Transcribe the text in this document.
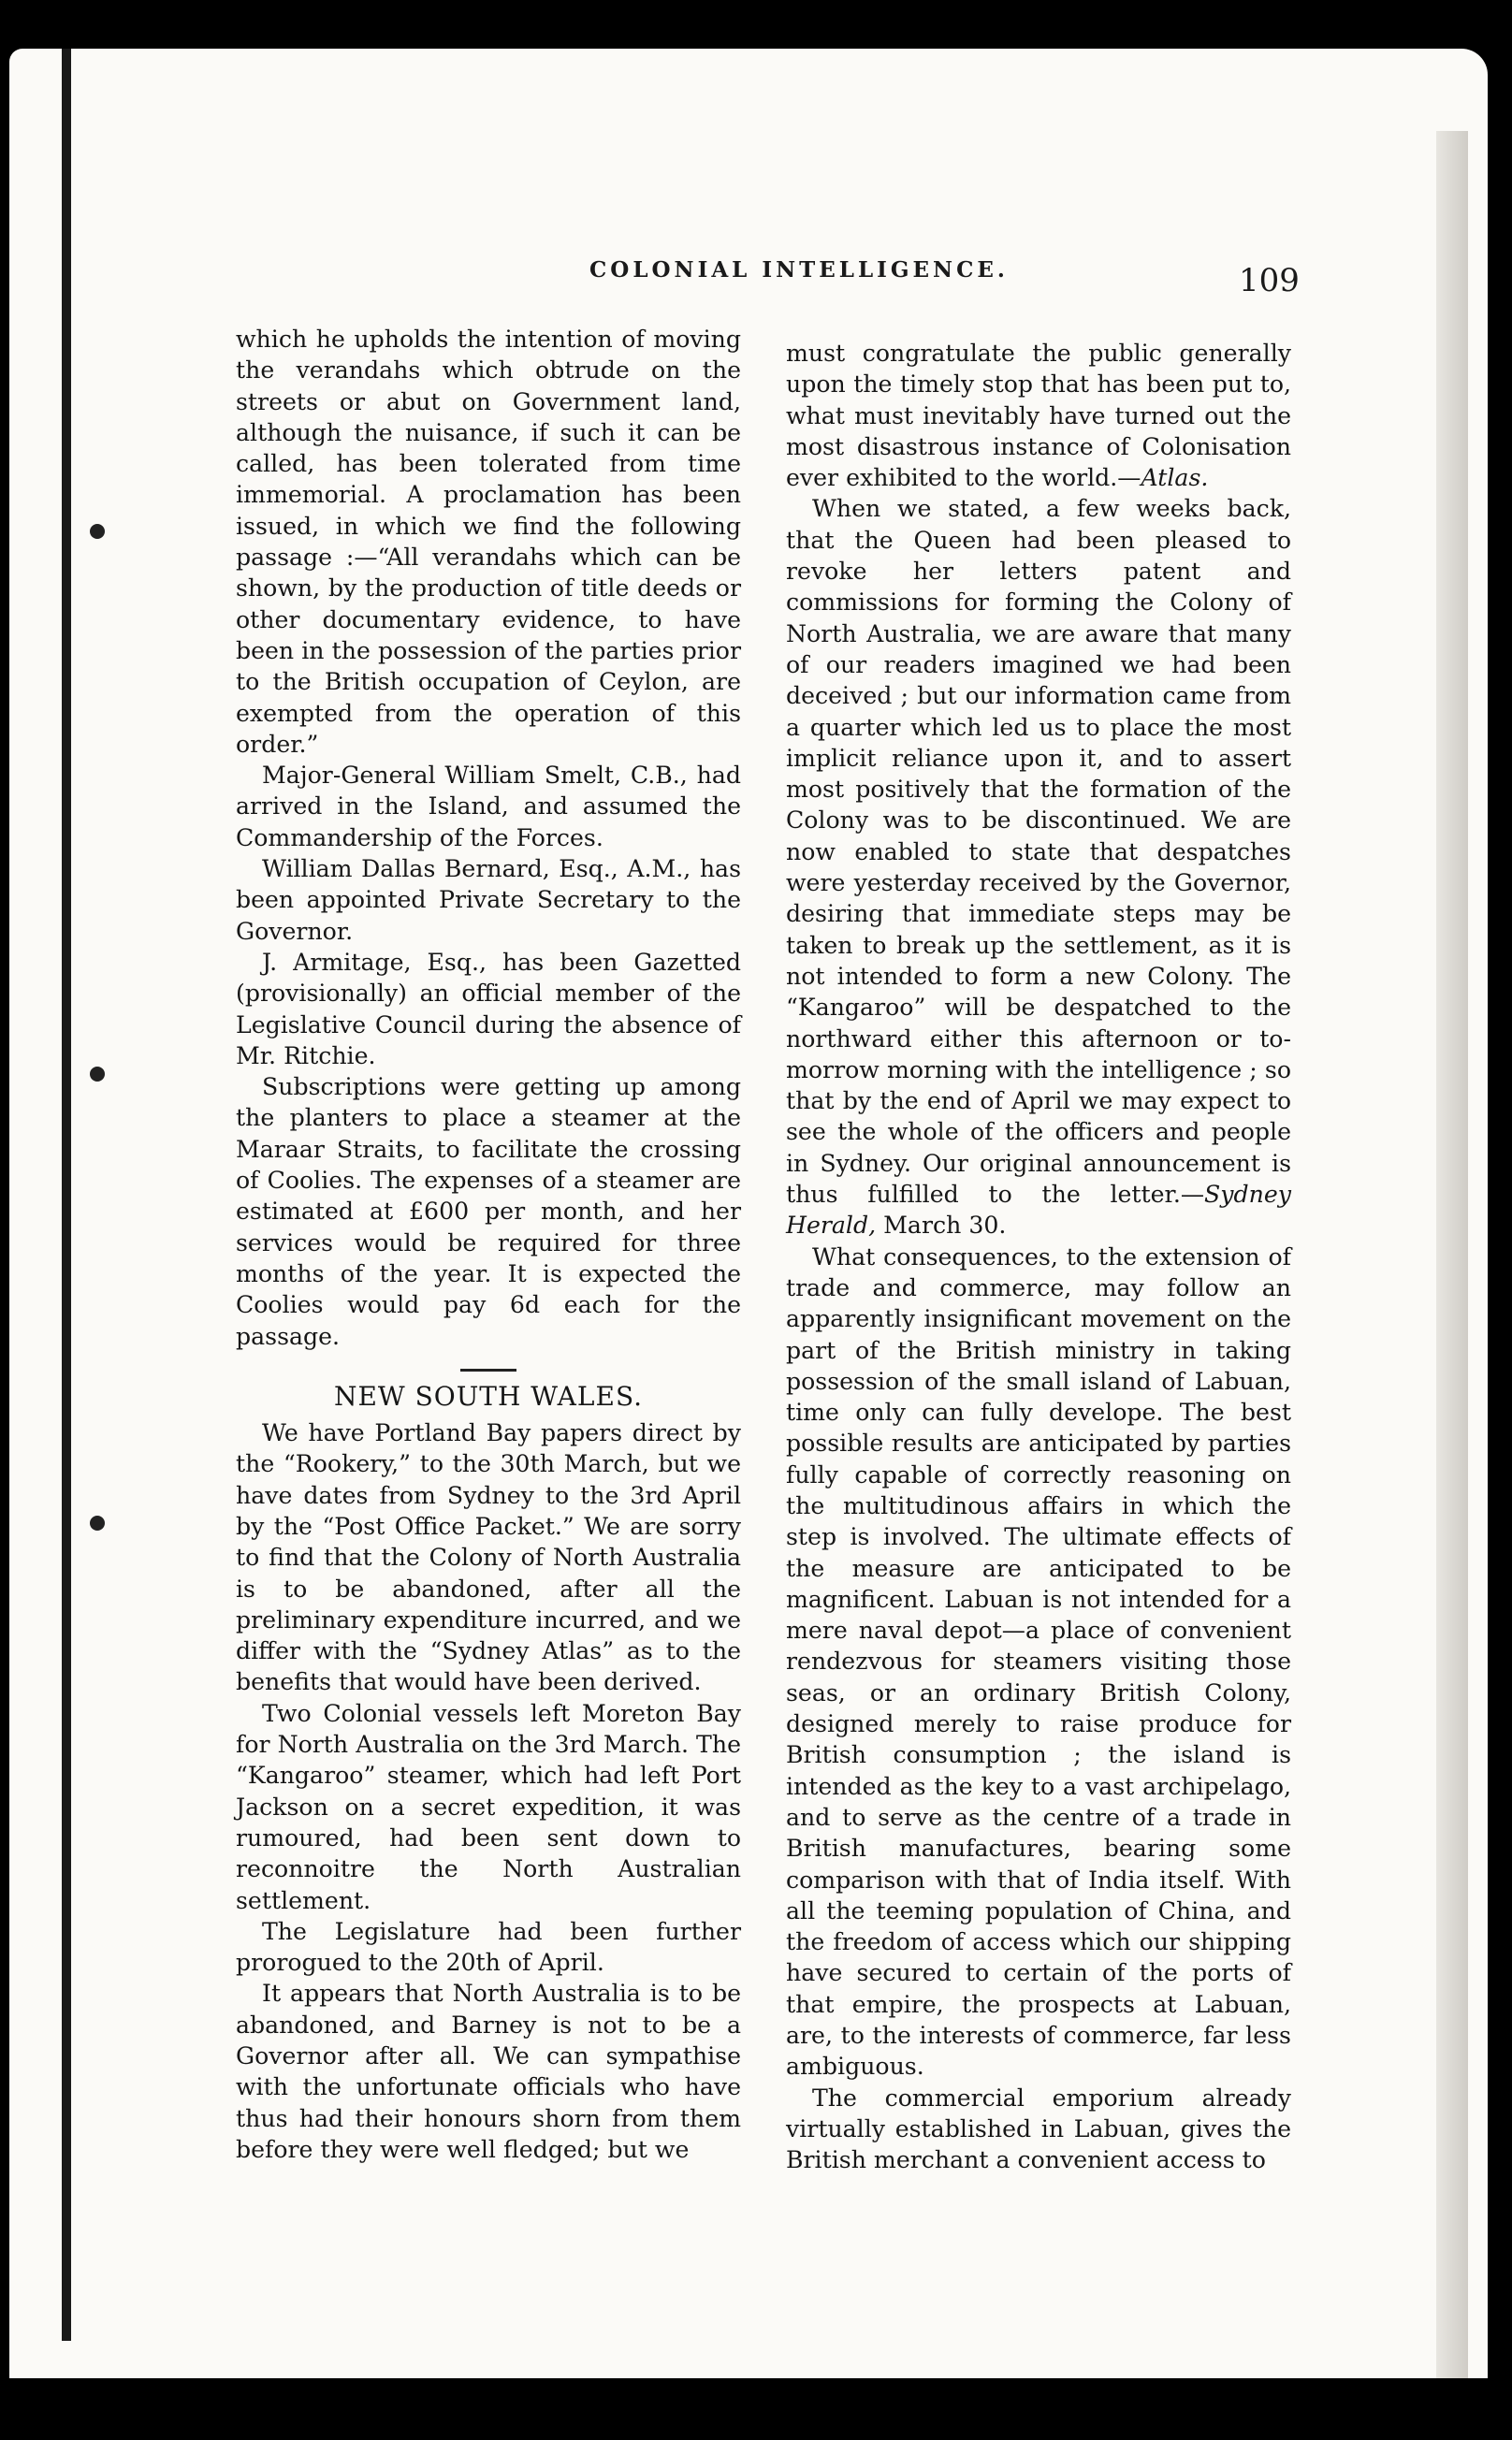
COLONIAL INTELLIGENCE.	109

which he upholds the intention of moving the verandahs which obtrude on the streets or abut on Government land, although the nuisance, if such it can be called, has been tolerated from time immemorial. A proclamation has been issued, in which we find the following passage :—“All verandahs which can be shown, by the production of title deeds or other documentary evidence, to have been in the possession of the parties prior to the British occupation of Ceylon, are exempted from the operation of this order.”

Major-General William Smelt, C.B., had arrived in the Island, and assumed the Commandership of the Forces.

William Dallas Bernard, Esq., A.M., has been appointed Private Secretary to the Governor.

J. Armitage, Esq., has been Gazetted (provisionally) an official member of the Legislative Council during the absence of Mr. Ritchie.

Subscriptions were getting up among the planters to place a steamer at the Maraar Straits, to facilitate the crossing of Coolies. The expenses of a steamer are estimated at £600 per month, and her services would be required for three months of the year. It is expected the Coolies would pay 6d each for the passage.

NEW SOUTH WALES.

We have Portland Bay papers direct by the “Rookery,” to the 30th March, but we have dates from Sydney to the 3rd April by the “Post Office Packet.” We are sorry to find that the Colony of North Australia is to be abandoned, after all the preliminary expenditure incurred, and we differ with the “Sydney Atlas” as to the benefits that would have been derived.

Two Colonial vessels left Moreton Bay for North Australia on the 3rd March. The “Kangaroo” steamer, which had left Port Jackson on a secret expedition, it was rumoured, had been sent down to reconnoitre the North Australian settlement.

The Legislature had been further prorogued to the 20th of April.

It appears that North Australia is to be abandoned, and Barney is not to be a Governor after all. We can sympathise with the unfortunate officials who have thus had their honours shorn from them before they were well fledged; but we

must congratulate the public generally upon the timely stop that has been put to, what must inevitably have turned out the most disastrous instance of Colonisation ever exhibited to the world.—Atlas.

When we stated, a few weeks back, that the Queen had been pleased to revoke her letters patent and commissions for forming the Colony of North Australia, we are aware that many of our readers imagined we had been deceived ; but our information came from a quarter which led us to place the most implicit reliance upon it, and to assert most positively that the formation of the Colony was to be discontinued. We are now enabled to state that despatches were yesterday received by the Governor, desiring that immediate steps may be taken to break up the settlement, as it is not intended to form a new Colony. The “Kangaroo” will be despatched to the northward either this afternoon or to-morrow morning with the intelligence ; so that by the end of April we may expect to see the whole of the officers and people in Sydney. Our original announcement is thus fulfilled to the letter.—Sydney Herald, March 30.

What consequences, to the extension of trade and commerce, may follow an apparently insignificant movement on the part of the British ministry in taking possession of the small island of Labuan, time only can fully develope. The best possible results are anticipated by parties fully capable of correctly reasoning on the multitudinous affairs in which the step is involved. The ultimate effects of the measure are anticipated to be magnificent. Labuan is not intended for a mere naval depot—a place of convenient rendezvous for steamers visiting those seas, or an ordinary British Colony, designed merely to raise produce for British consumption ; the island is intended as the key to a vast archipelago, and to serve as the centre of a trade in British manufactures, bearing some comparison with that of India itself. With all the teeming population of China, and the freedom of access which our shipping have secured to certain of the ports of that empire, the prospects at Labuan, are, to the interests of commerce, far less ambiguous.

The commercial emporium already virtually established in Labuan, gives the British merchant a convenient access to
